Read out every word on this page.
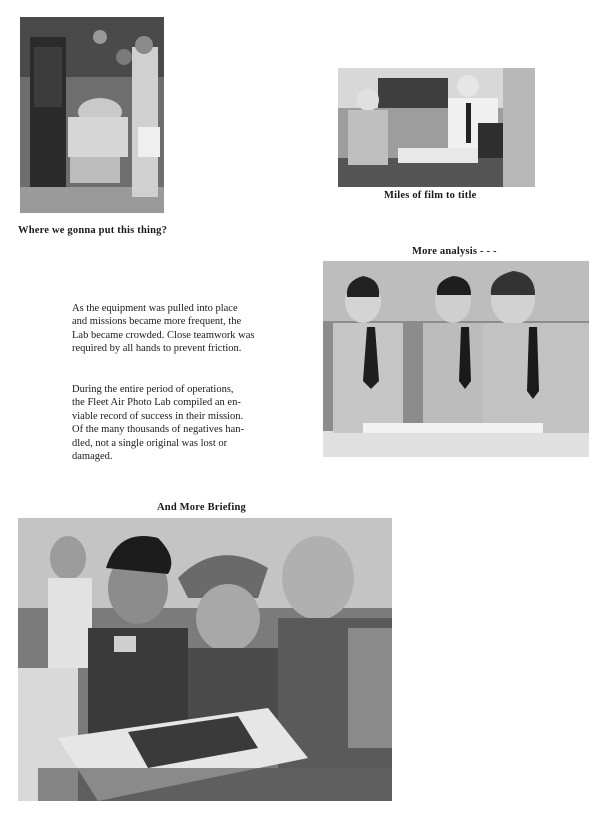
Where we gonna put this thing?
Miles of film to title
More analysis - - -
As the equipment was pulled into place
and missions became more frequent, the
Lab became crowded. Close teamwork was
required by all hands to prevent friction.
During the entire period of operations,
the Fleet Air Photo Lab compiled an en-
viable record of success in their mission.
Of the many thousands of negatives han-
dled, not a single original was lost or
damaged.
And More Briefing
